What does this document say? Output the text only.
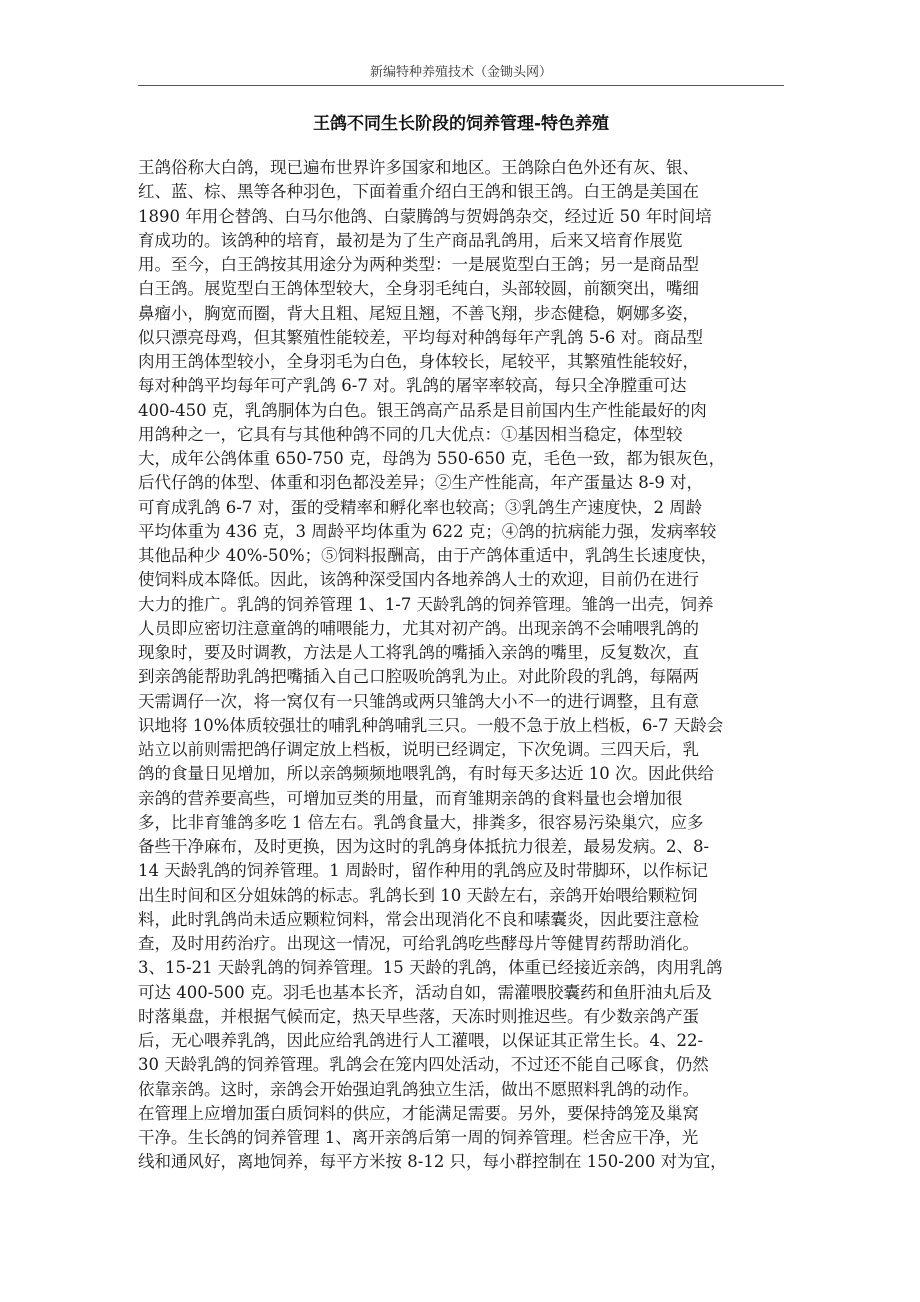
新编特种养殖技术（金锄头网）
王鸽不同生长阶段的饲养管理-特色养殖
王鸽俗称大白鸽，现已遍布世界许多国家和地区。王鸽除白色外还有灰、银、
红、蓝、棕、黑等各种羽色，下面着重介绍白王鸽和银王鸽。白王鸽是美国在
1890 年用仑替鸽、白马尔他鸽、白蒙腾鸽与贺姆鸽杂交，经过近 50 年时间培
育成功的。该鸽种的培育，最初是为了生产商品乳鸽用，后来又培育作展览
用。至今，白王鸽按其用途分为两种类型：一是展览型白王鸽；另一是商品型
白王鸽。展览型白王鸽体型较大，全身羽毛纯白，头部较圆，前额突出，嘴细
鼻瘤小，胸宽而圈，背大且粗、尾短且翘，不善飞翔，步态健稳，婀娜多姿，
似只漂亮母鸡，但其繁殖性能较差，平均每对种鸽每年产乳鸽 5-6 对。商品型
肉用王鸽体型较小，全身羽毛为白色，身体较长，尾较平，其繁殖性能较好，
每对种鸽平均每年可产乳鸽 6-7 对。乳鸽的屠宰率较高，每只全净膛重可达
400-450 克，乳鸽胴体为白色。银王鸽高产品系是目前国内生产性能最好的肉
用鸽种之一，它具有与其他种鸽不同的几大优点：①基因相当稳定，体型较
大，成年公鸽体重 650-750 克，母鸽为 550-650 克，毛色一致，都为银灰色，
后代仔鸽的体型、体重和羽色都没差异；②生产性能高，年产蛋量达 8-9 对，
可育成乳鸽 6-7 对，蛋的受精率和孵化率也较高；③乳鸽生产速度快，2 周龄
平均体重为 436 克，3 周龄平均体重为 622 克；④鸽的抗病能力强，发病率较
其他品种少 40%-50%；⑤饲料报酬高，由于产鸽体重适中，乳鸽生长速度快，
使饲料成本降低。因此，该鸽种深受国内各地养鸽人士的欢迎，目前仍在进行
大力的推广。乳鸽的饲养管理 1、1-7 天龄乳鸽的饲养管理。雏鸽一出壳，饲养
人员即应密切注意童鸽的哺喂能力，尤其对初产鸽。出现亲鸽不会哺喂乳鸽的
现象时，要及时调教，方法是人工将乳鸽的嘴插入亲鸽的嘴里，反复数次，直
到亲鸽能帮助乳鸽把嘴插入自己口腔吸吮鸽乳为止。对此阶段的乳鸽，每隔两
天需调仔一次，将一窝仅有一只雏鸽或两只雏鸽大小不一的进行调整，且有意
识地将 10%体质较强壮的哺乳种鸽哺乳三只。一般不急于放上档板，6-7 天龄会
站立以前则需把鸽仔调定放上档板，说明已经调定，下次免调。三四天后，乳
鸽的食量日见增加，所以亲鸽频频地喂乳鸽，有时每天多达近 10 次。因此供给
亲鸽的营养要高些，可增加豆类的用量，而育雏期亲鸽的食料量也会增加很
多，比非育雏鸽多吃 1 倍左右。乳鸽食量大，排粪多，很容易污染巢穴，应多
备些干净麻布，及时更换，因为这时的乳鸽身体抵抗力很差，最易发病。2、8-
14 天龄乳鸽的饲养管理。1 周龄时，留作种用的乳鸽应及时带脚环，以作标记
出生时间和区分姐妹鸽的标志。乳鸽长到 10 天龄左右，亲鸽开始喂给颗粒饲
料，此时乳鸽尚未适应颗粒饲料，常会出现消化不良和嗉囊炎，因此要注意检
查，及时用药治疗。出现这一情况，可给乳鸽吃些酵母片等健胃药帮助消化。
3、15-21 天龄乳鸽的饲养管理。15 天龄的乳鸽，体重已经接近亲鸽，肉用乳鸽
可达 400-500 克。羽毛也基本长齐，活动自如，需灌喂胶囊药和鱼肝油丸后及
时落巢盘，并根据气候而定，热天早些落，天冻时则推迟些。有少数亲鸽产蛋
后，无心喂养乳鸽，因此应给乳鸽进行人工灌喂，以保证其正常生长。4、22-
30 天龄乳鸽的饲养管理。乳鸽会在笼内四处活动，不过还不能自己啄食，仍然
依靠亲鸽。这时，亲鸽会开始强迫乳鸽独立生活，做出不愿照料乳鸽的动作。
在管理上应增加蛋白质饲料的供应，才能满足需要。另外，要保持鸽笼及巢窝
干净。生长鸽的饲养管理 1、离开亲鸽后第一周的饲养管理。栏舍应干净，光
线和通风好，离地饲养，每平方米按 8-12 只，每小群控制在 150-200 对为宜，
